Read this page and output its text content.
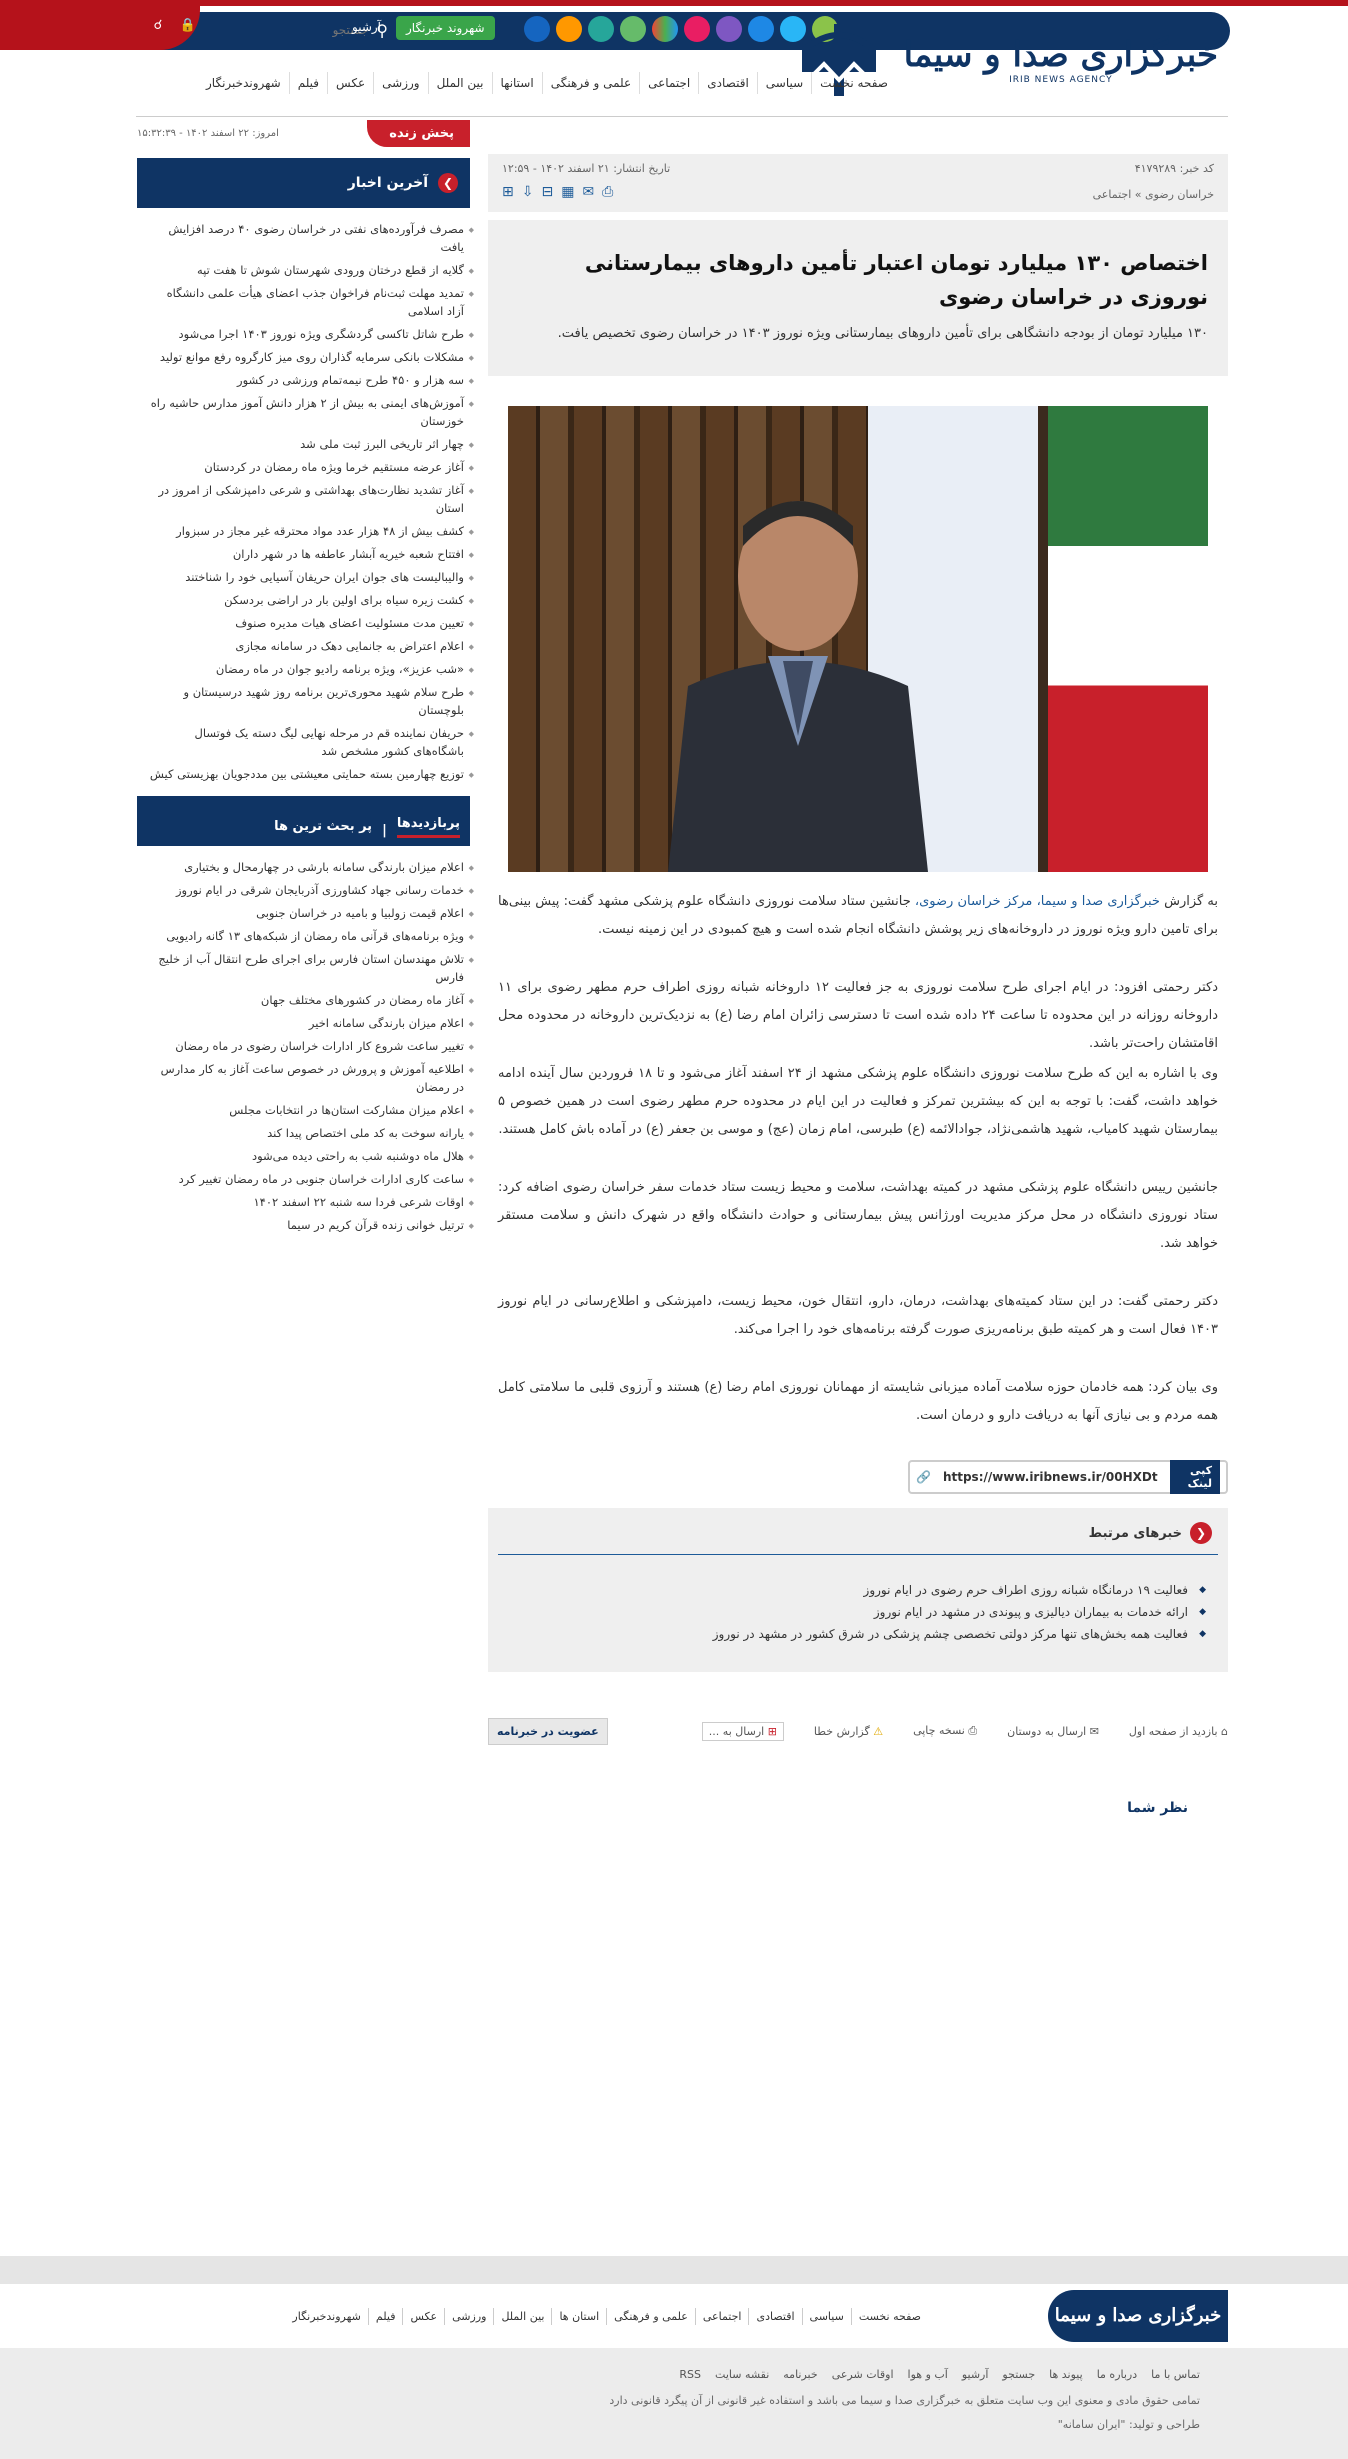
🔒
☌	⚲
جستجو
آرشیو	شهروند خبرنگار
خبرگزاری صدا و سیما
IRIB NEWS AGENCY
صفحه نخست
سیاسی
اقتصادی
اجتماعی
علمی و فرهنگی
استانها
بین الملل
ورزشی
عکس
فیلم
شهروندخبرنگار
کد خبر: ۴۱۷۹۲۸۹
تاریخ انتشار: ۲۱ اسفند ۱۴۰۲ - ۱۲:۵۹
خراسان رضوی » اجتماعی
⎙
✉
▦
⊟
⇩
⊞
اختصاص ۱۳۰ میلیارد تومان اعتبار تأمین داروهای بیمارستانی نوروزی در خراسان رضوی

۱۳۰ میلیارد تومان از بودجه دانشگاهی برای تأمین داروهای بیمارستانی ویژه نوروز ۱۴۰۳ در خراسان رضوی تخصیص یافت.

به گزارش خبرگزاری صدا و سیما، مرکز خراسان رضوی، جانشین ستاد سلامت نوروزی دانشگاه علوم پزشکی مشهد گفت: پیش بینی‌ها برای تامین دارو ویژه نوروز در داروخانه‌های زیر پوشش دانشگاه انجام شده است و هیچ کمبودی در این زمینه نیست.

دکتر رحمتی افزود: در ایام اجرای طرح سلامت نوروزی به جز فعالیت ۱۲ داروخانه شبانه روزی اطراف حرم مطهر رضوی برای ۱۱ داروخانه روزانه در این محدوده تا ساعت ۲۴ داده شده است تا دسترسی زائران امام رضا (ع) به نزدیک‌ترین داروخانه در محدوده محل اقامتشان راحت‌تر باشد.

وی با اشاره به این که طرح سلامت نوروزی دانشگاه علوم پزشکی مشهد از ۲۴ اسفند آغاز می‌شود و تا ۱۸ فروردین سال آینده ادامه خواهد داشت، گفت: با توجه به این که بیشترین تمرکز و فعالیت در این ایام در محدوده حرم مطهر رضوی است در همین خصوص ۵ بیمارستان شهید کامیاب، شهید هاشمی‌نژاد، جوادالائمه (ع) طبرسی، امام زمان (عج) و موسی بن جعفر (ع) در آماده باش کامل هستند.

جانشین رییس دانشگاه علوم پزشکی مشهد در کمیته بهداشت، سلامت و محیط زیست ستاد خدمات سفر خراسان رضوی اضافه کرد: ستاد نوروزی دانشگاه در محل مرکز مدیریت اورژانس پیش بیمارستانی و حوادث دانشگاه واقع در شهرک دانش و سلامت مستقر خواهد شد.

دکتر رحمتی گفت: در این ستاد کمیته‌های بهداشت، درمان، دارو، انتقال خون، محیط زیست، دامپزشکی و اطلاع‌رسانی در ایام نوروز ۱۴۰۳ فعال است و هر کمیته طبق برنامه‌ریزی صورت گرفته برنامه‌های خود را اجرا می‌کند.

وی بیان کرد: همه خادمان حوزه سلامت آماده میزبانی شایسته از مهمانان نوروزی امام رضا (ع) هستند و آرزوی قلبی ما سلامتی کامل همه مردم و بی نیازی آنها به دریافت دارو و درمان است.

کپی لینک
https://www.iribnews.ir/00HXDt
🔗
❮
خبرهای مرتبط
◆ فعالیت ۱۹ درمانگاه شبانه روزی اطراف حرم رضوی در ایام نوروز
◆ ارائه خدمات به بیماران دیالیزی و پیوندی در مشهد در ایام نوروز
◆ فعالیت همه بخش‌های تنها مرکز دولتی تخصصی چشم پزشکی در شرق کشور در مشهد در نوروز
⌂ بازدید از صفحه اول
✉ ارسال به دوستان
⎙ نسخه چاپی
⚠ گزارش خطا
⊞ ارسال به ...
عضویت در خبرنامه
نظر شما
پخش زنده
امروز: ۲۲ اسفند ۱۴۰۲ - ۱۵:۳۲:۳۹
❯
آخرین اخبار
◆ مصرف فرآورده‌های نفتی در خراسان رضوی ۴۰ درصد افزایش یافت
◆ گلایه از قطع درختان ورودی شهرستان شوش تا هفت تپه
◆ تمدید مهلت ثبت‌نام فراخوان جذب اعضای هیأت علمی دانشگاه آزاد اسلامی
◆ طرح شاتل تاکسی گردشگری ویژه نوروز ۱۴۰۳ اجرا می‌شود
◆ مشکلات بانکی سرمایه گذاران روی میز کارگروه رفع موانع تولید
◆ سه هزار و ۴۵۰ طرح نیمه‌تمام ورزشی در کشور
◆ آموزش‌های ایمنی به بیش از ۲ هزار دانش آموز مدارس حاشیه راه خوزستان
◆ چهار اثر تاریخی البرز ثبت ملی شد
◆ آغاز عرضه مستقیم خرما ویژه ماه رمضان در کردستان
◆ آغاز تشدید نظارت‌های بهداشتی و شرعی دامپزشکی از امروز در استان
◆ کشف بیش از ۴۸ هزار عدد مواد محترقه غیر مجاز در سبزوار
◆ افتتاح شعبه خیریه آبشار عاطفه ها در شهر داران
◆ والیبالیست های جوان ایران حریفان آسیایی خود را شناختند
◆ کشت زیره سیاه برای اولین بار در اراضی بردسکن
◆ تعیین مدت مسئولیت اعضای هیات مدیره صنوف
◆ اعلام اعتراض به جانمایی دهک در سامانه مجازی
◆ «شب عزیز»، ویژه برنامه رادیو جوان در ماه رمضان
◆ طرح سلام شهید محوری‌ترین برنامه روز شهید درسیستان و بلوچستان
◆ حریفان نماینده قم در مرحله نهایی لیگ دسته یک فوتسال باشگاه‌های کشور مشخص شد
◆ توزیع چهارمین بسته حمایتی معیشتی بین مددجویان بهزیستی کیش
پربازدیدها
|
پر بحث ترین ها
◆ اعلام میزان بارندگی سامانه بارشی در چهارمحال و بختیاری
◆ خدمات رسانی جهاد کشاورزی آذربایجان شرقی در ایام نوروز
◆ اعلام قیمت زولبیا و بامیه در خراسان جنوبی
◆ ویژه برنامه‌های قرآنی ماه رمضان از شبکه‌های ۱۳ گانه رادیویی
◆ تلاش مهندسان استان فارس برای اجرای طرح انتقال آب از خلیج فارس
◆ آغاز ماه رمضان در کشورهای مختلف جهان
◆ اعلام میزان بارندگی سامانه اخیر
◆ تغییر ساعت شروع کار ادارات خراسان رضوی در ماه رمضان
◆ اطلاعیه آموزش و پرورش در خصوص ساعت آغاز به کار مدارس در رمضان
◆ اعلام میزان مشارکت استان‌ها در انتخابات مجلس
◆ یارانه سوخت به کد ملی اختصاص پیدا کند
◆ هلال ماه دوشنبه شب به راحتی دیده می‌شود
◆ ساعت کاری ادارات خراسان جنوبی در ماه رمضان تغییر کرد
◆ اوقات شرعی فردا سه شنبه ۲۲ اسفند ۱۴۰۲
◆ ترتیل خوانی زنده قرآن کریم در سیما
خبرگزاری صدا و سیما
صفحه نخست
سیاسی
اقتصادی
اجتماعی
علمی و فرهنگی
استان ها
بین الملل
ورزشی
عکس
فیلم
شهروندخبرنگار
تماس با ما
درباره ما
پیوند ها
جستجو
آرشیو
آب و هوا
اوقات شرعی
خبرنامه
نقشه سایت
RSS
تمامی حقوق مادی و معنوی این وب سایت متعلق به خبرگزاری صدا و سیما می باشد و استفاده غیر قانونی از آن پیگرد قانونی دارد
طراحی و تولید: "ایران سامانه"
